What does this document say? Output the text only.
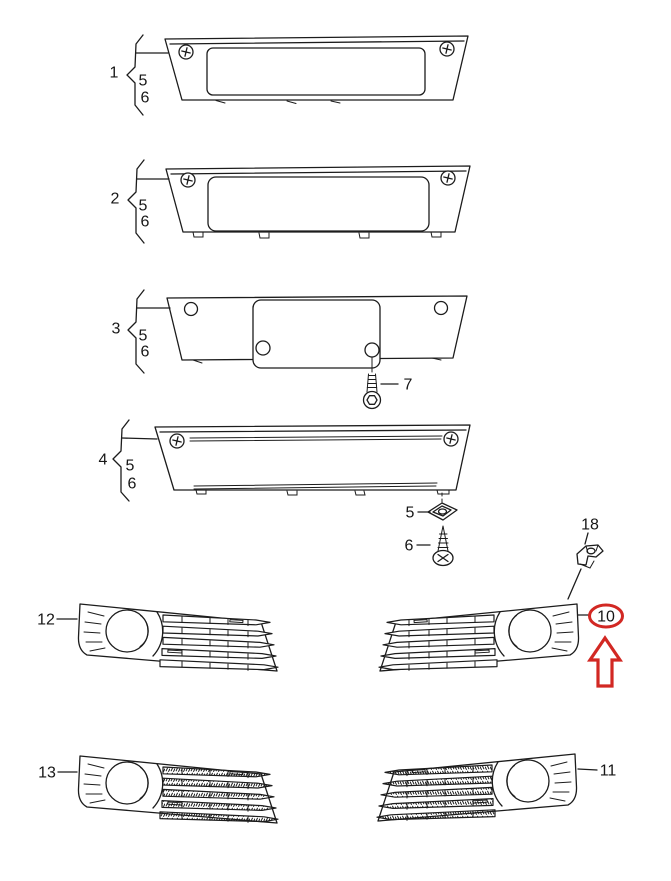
1 5
6
2 5
6
7
3 5
6
4 5
6
5
6
18
12	10
13	11
